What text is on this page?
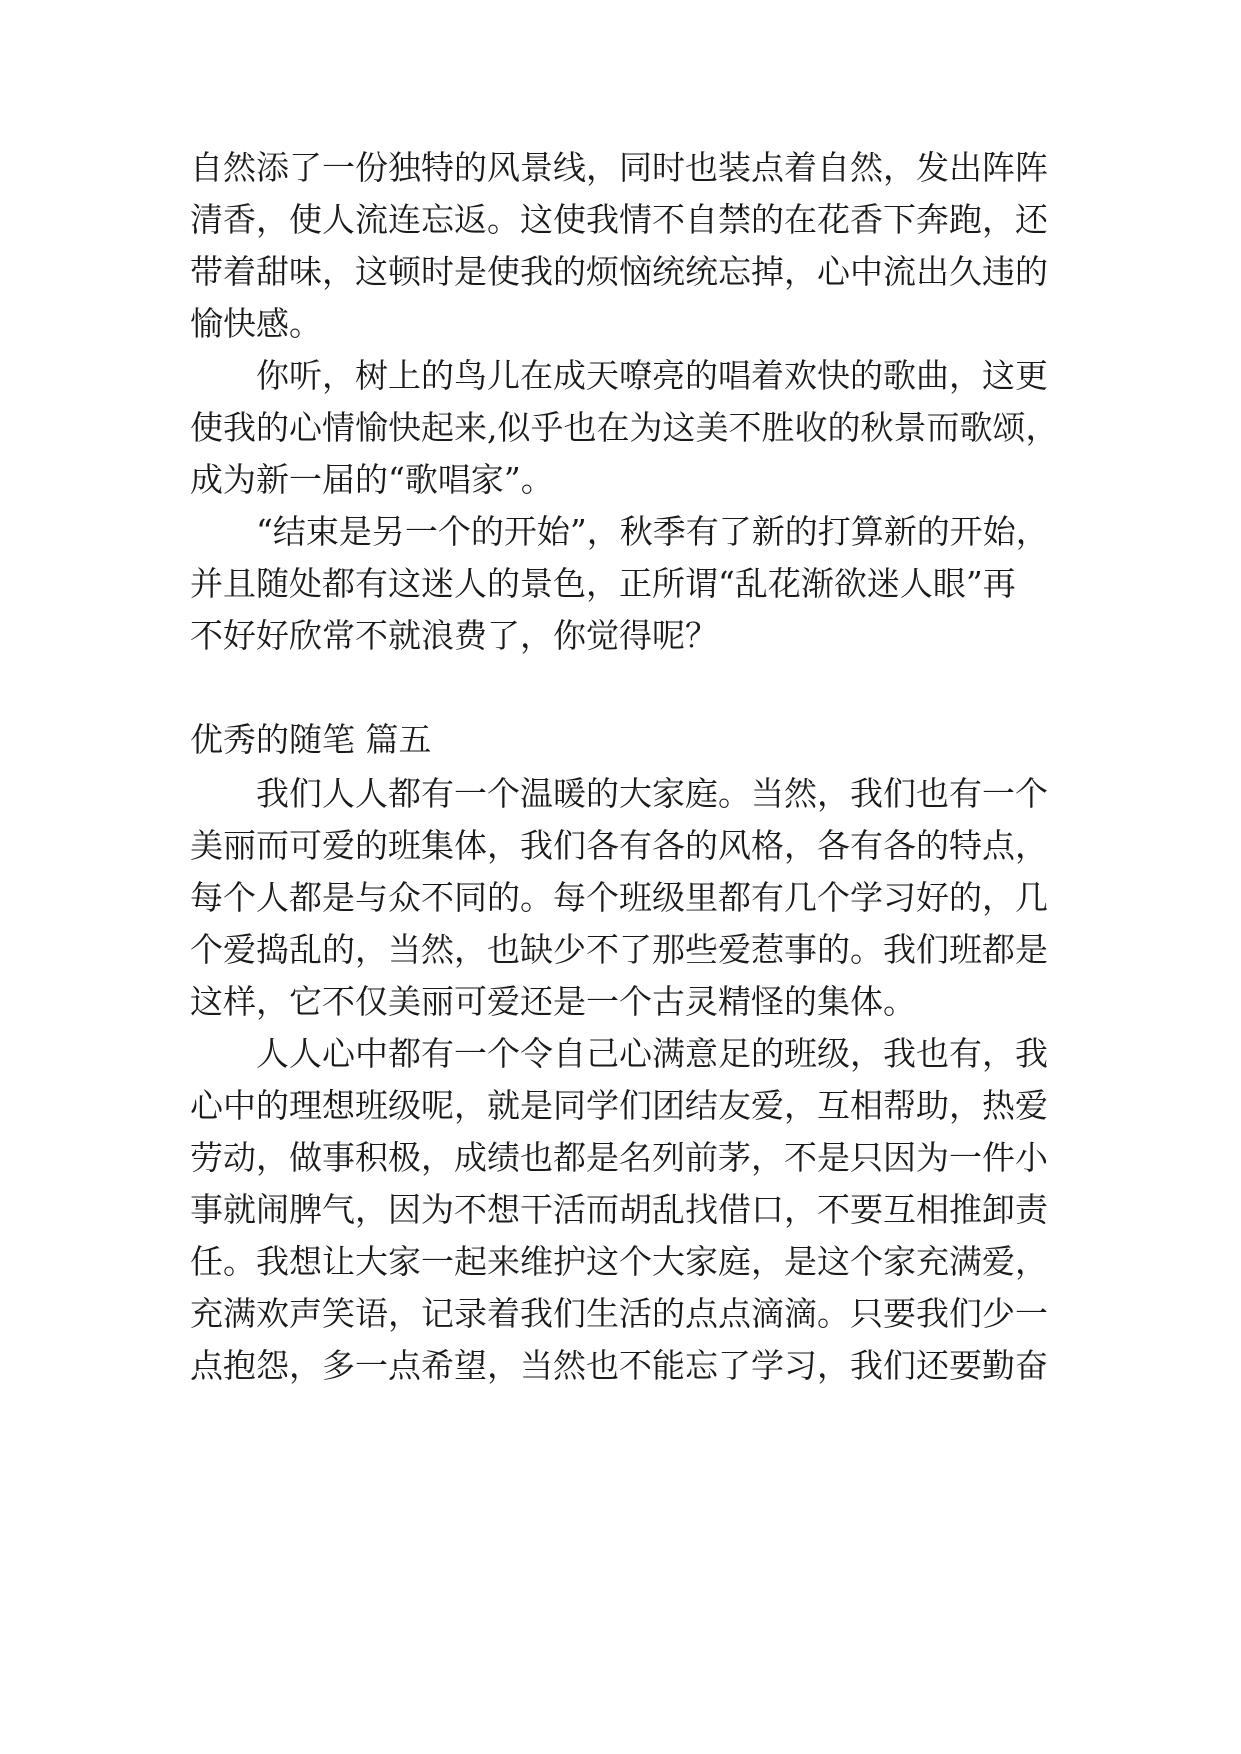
自然添了一份独特的风景线，同时也装点着自然，发出阵阵
清香，使人流连忘返。这使我情不自禁的在花香下奔跑，还
带着甜味，这顿时是使我的烦恼统统忘掉，心中流出久违的
愉快感。
你听，树上的鸟儿在成天嘹亮的唱着欢快的歌曲，这更
使我的心情愉快起来,似乎也在为这美不胜收的秋景而歌颂，
成为新一届的“歌唱家”。
“结束是另一个的开始”，秋季有了新的打算新的开始，
并且随处都有这迷人的景色，正所谓“乱花渐欲迷人眼”再
不好好欣常不就浪费了，你觉得呢？
优秀的随笔 篇五
我们人人都有一个温暖的大家庭。当然，我们也有一个
美丽而可爱的班集体，我们各有各的风格，各有各的特点，
每个人都是与众不同的。每个班级里都有几个学习好的，几
个爱捣乱的，当然，也缺少不了那些爱惹事的。我们班都是
这样，它不仅美丽可爱还是一个古灵精怪的集体。
人人心中都有一个令自己心满意足的班级，我也有，我
心中的理想班级呢，就是同学们团结友爱，互相帮助，热爱
劳动，做事积极，成绩也都是名列前茅，不是只因为一件小
事就闹脾气，因为不想干活而胡乱找借口，不要互相推卸责
任。我想让大家一起来维护这个大家庭，是这个家充满爱，
充满欢声笑语，记录着我们生活的点点滴滴。只要我们少一
点抱怨，多一点希望，当然也不能忘了学习，我们还要勤奋
